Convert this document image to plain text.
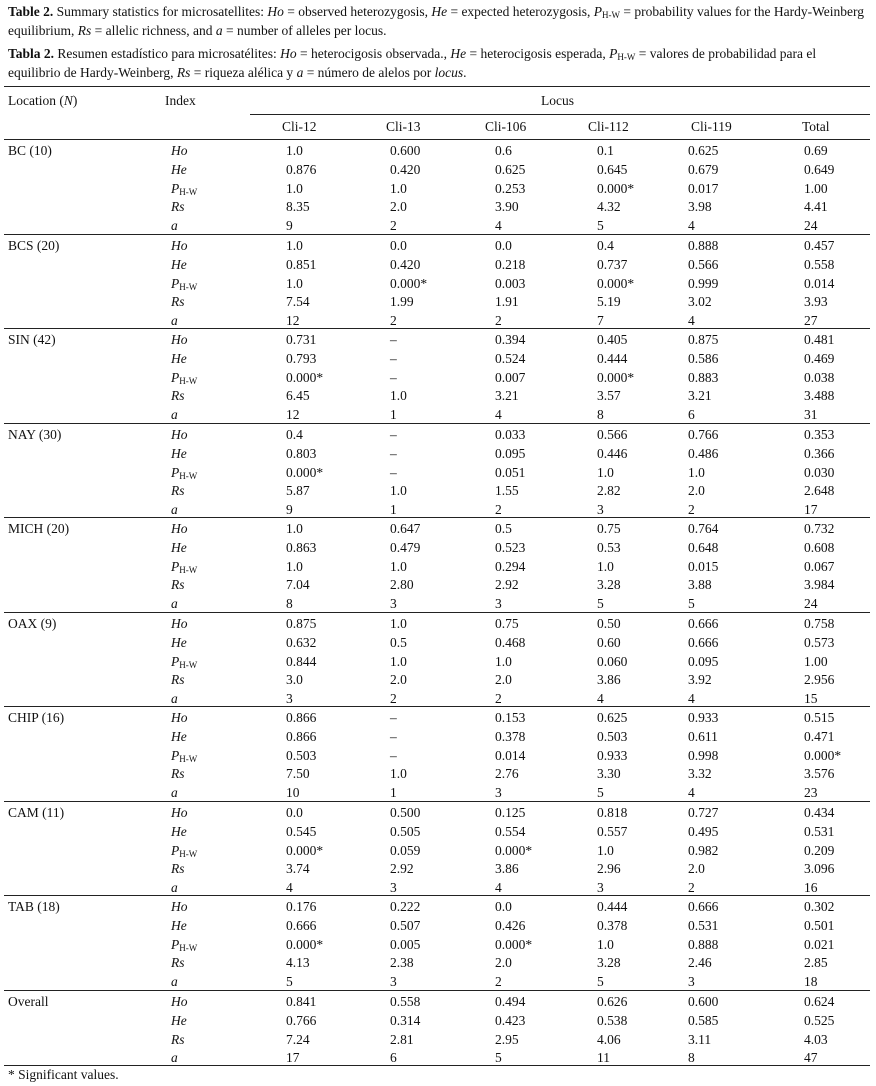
Table 2. Summary statistics for microsatellites: Ho = observed heterozygosis, He = expected heterozygosis, $P_{H-W}$ = probability values for the Hardy-Weinberg equilibrium, Rs = allelic richness, and a = number of alleles per locus.

Tabla 2. Resumen estadístico para microsatélites: Ho = heterocigosis observada., He = heterocigosis esperada, $P_{H-W}$ = valores de probabilidad para el equilibrio de Hardy-Weinberg, Rs = riqueza alélica y a = número de alelos por locus.

Location (N)	Index	Locus
Cli-12	Cli-13	Cli-106	Cli-112	Cli-119	Total
BC (10)	Ho	1.0	0.600	0.6	0.1	0.625	0.69
He	0.876	0.420	0.625	0.645	0.679	0.649
$P_{H-W}$	1.0	1.0	0.253	0.000*	0.017	1.00
Rs	8.35	2.0	3.90	4.32	3.98	4.41
a	9	2	4	5	4	24
BCS (20)	Ho	1.0	0.0	0.0	0.4	0.888	0.457
He	0.851	0.420	0.218	0.737	0.566	0.558
$P_{H-W}$	1.0	0.000*	0.003	0.000*	0.999	0.014
Rs	7.54	1.99	1.91	5.19	3.02	3.93
a	12	2	2	7	4	27
SIN (42)	Ho	0.731	–	0.394	0.405	0.875	0.481
He	0.793	–	0.524	0.444	0.586	0.469
$P_{H-W}$	0.000*	–	0.007	0.000*	0.883	0.038
Rs	6.45	1.0	3.21	3.57	3.21	3.488
a	12	1	4	8	6	31
NAY (30)	Ho	0.4	–	0.033	0.566	0.766	0.353
He	0.803	–	0.095	0.446	0.486	0.366
$P_{H-W}$	0.000*	–	0.051	1.0	1.0	0.030
Rs	5.87	1.0	1.55	2.82	2.0	2.648
a	9	1	2	3	2	17
MICH (20)	Ho	1.0	0.647	0.5	0.75	0.764	0.732
He	0.863	0.479	0.523	0.53	0.648	0.608
$P_{H-W}$	1.0	1.0	0.294	1.0	0.015	0.067
Rs	7.04	2.80	2.92	3.28	3.88	3.984
a	8	3	3	5	5	24
OAX (9)	Ho	0.875	1.0	0.75	0.50	0.666	0.758
He	0.632	0.5	0.468	0.60	0.666	0.573
$P_{H-W}$	0.844	1.0	1.0	0.060	0.095	1.00
Rs	3.0	2.0	2.0	3.86	3.92	2.956
a	3	2	2	4	4	15
CHIP (16)	Ho	0.866	–	0.153	0.625	0.933	0.515
He	0.866	–	0.378	0.503	0.611	0.471
$P_{H-W}$	0.503	–	0.014	0.933	0.998	0.000*
Rs	7.50	1.0	2.76	3.30	3.32	3.576
a	10	1	3	5	4	23
CAM (11)	Ho	0.0	0.500	0.125	0.818	0.727	0.434
He	0.545	0.505	0.554	0.557	0.495	0.531
$P_{H-W}$	0.000*	0.059	0.000*	1.0	0.982	0.209
Rs	3.74	2.92	3.86	2.96	2.0	3.096
a	4	3	4	3	2	16
TAB (18)	Ho	0.176	0.222	0.0	0.444	0.666	0.302
He	0.666	0.507	0.426	0.378	0.531	0.501
$P_{H-W}$	0.000*	0.005	0.000*	1.0	0.888	0.021
Rs	4.13	2.38	2.0	3.28	2.46	2.85
a	5	3	2	5	3	18
Overall	Ho	0.841	0.558	0.494	0.626	0.600	0.624
He	0.766	0.314	0.423	0.538	0.585	0.525
Rs	7.24	2.81	2.95	4.06	3.11	4.03
a	17	6	5	11	8	47
* Significant values.
